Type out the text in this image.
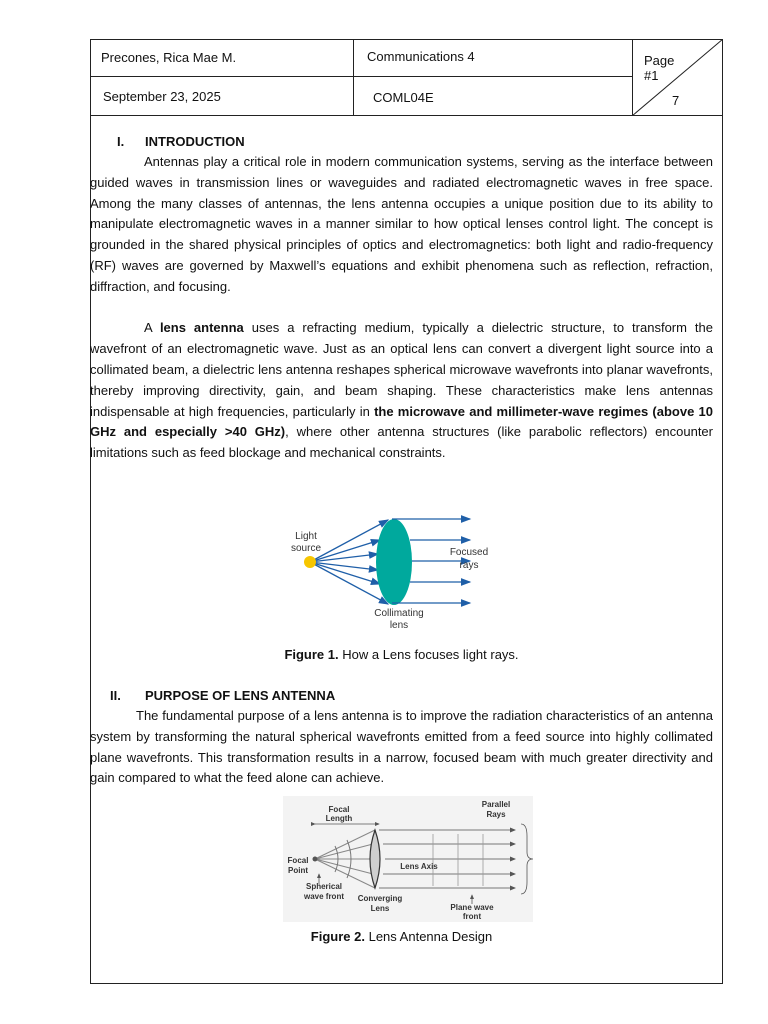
Precones, Rica Mae M.	Communications 4
September 23, 2025	COML04E
Page
#1
7
I. INTRODUCTION

Antennas play a critical role in modern communication systems, serving as the interface between guided waves in transmission lines or waveguides and radiated electromagnetic waves in free space. Among the many classes of antennas, the lens antenna occupies a unique position due to its ability to manipulate electromagnetic waves in a manner similar to how optical lenses control light. The concept is grounded in the shared physical principles of optics and electromagnetics: both light and radio-frequency (RF) waves are governed by Maxwell’s equations and exhibit phenomena such as reflection, refraction, diffraction, and focusing.

A lens antenna uses a refracting medium, typically a dielectric structure, to transform the wavefront of an electromagnetic wave. Just as an optical lens can convert a divergent light source into a collimated beam, a dielectric lens antenna reshapes spherical microwave wavefronts into planar wavefronts, thereby improving directivity, gain, and beam shaping. These characteristics make lens antennas indispensable at high frequencies, particularly in the microwave and millimeter-wave regimes (above 10 GHz and especially >40 GHz), where other antenna structures (like parabolic reflectors) encounter limitations such as feed blockage and mechanical constraints.

Light
source	Focused
rays
Collimating
lens
Figure 1. How a Lens focuses light rays.
II. PURPOSE OF LENS ANTENNA

The fundamental purpose of a lens antenna is to improve the radiation characteristics of an antenna system by transforming the natural spherical wavefronts emitted from a feed source into highly collimated plane wavefronts. This transformation results in a narrow, focused beam with much greater directivity and gain compared to what the feed alone can achieve.

Focal
Length
Parallel
Rays
Focal
Point	Lens Axis
Spherical
wave front Converging
Lens	Plane wave
front
Figure 2. Lens Antenna Design
